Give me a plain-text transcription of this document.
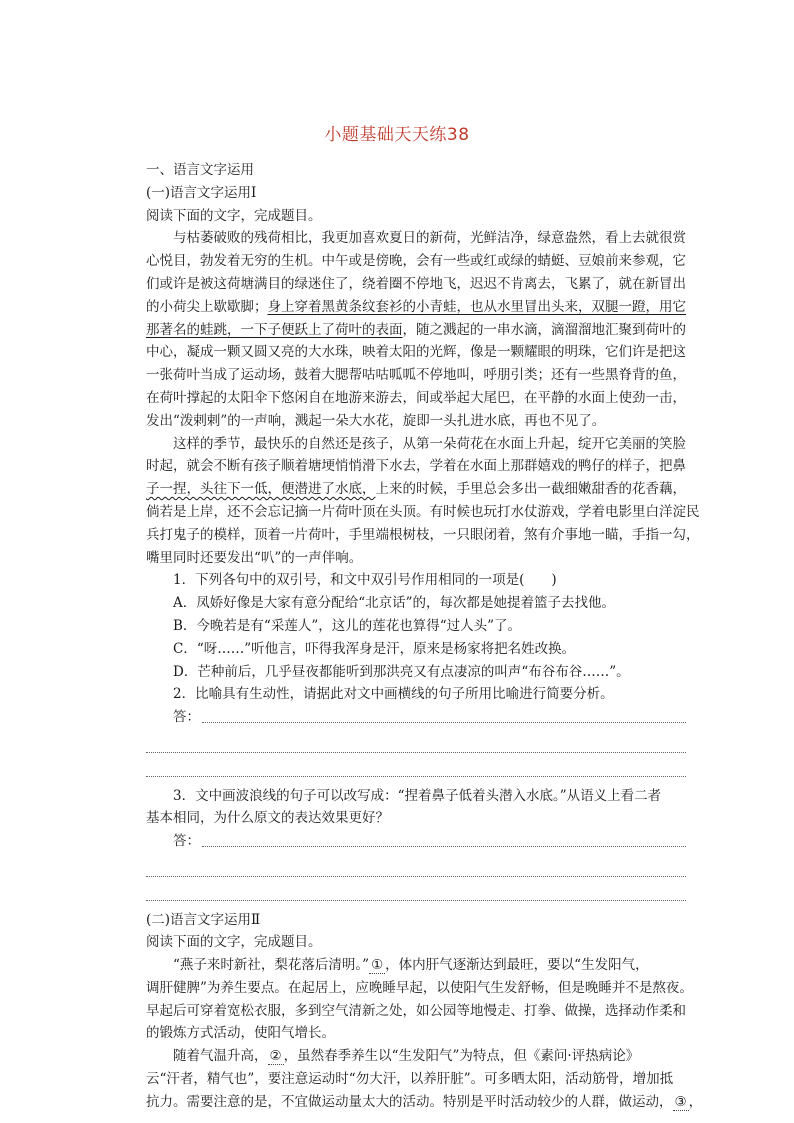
小题基础天天练38
一、语言文字运用
(一)语言文字运用Ⅰ
阅读下面的文字，完成题目。
与枯萎破败的残荷相比，我更加喜欢夏日的新荷，光鲜洁净，绿意盎然，看上去就很赏
心悦目，勃发着无穷的生机。中午或是傍晚，会有一些或红或绿的蜻蜓、豆娘前来参观，它
们或许是被这荷塘满目的绿迷住了，绕着圈不停地飞，迟迟不肯离去，飞累了，就在新冒出
的小荷尖上歇歇脚；身上穿着黑黄条纹套衫的小青蛙，也从水里冒出头来，双腿一蹬，用它
那著名的蛙跳，一下子便跃上了荷叶的表面，随之溅起的一串水滴，滴溜溜地汇聚到荷叶的
中心，凝成一颗又圆又亮的大水珠，映着太阳的光辉，像是一颗耀眼的明珠，它们许是把这
一张荷叶当成了运动场，鼓着大腮帮咕咕呱呱不停地叫，呼朋引类；还有一些黑脊背的鱼，
在荷叶撑起的太阳伞下悠闲自在地游来游去，间或举起大尾巴，在平静的水面上使劲一击，
发出“泼剌剌”的一声响，溅起一朵大水花，旋即一头扎进水底，再也不见了。
这样的季节，最快乐的自然还是孩子，从第一朵荷花在水面上升起，绽开它美丽的笑脸
时起，就会不断有孩子顺着塘埂悄悄滑下水去，学着在水面上那群嬉戏的鸭仔的样子，把鼻
子一捏，头往下一低，便潜进了水底，上来的时候，手里总会多出一截细嫩甜香的花香藕，
倘若是上岸，还不会忘记摘一片荷叶顶在头顶。有时候也玩打水仗游戏，学着电影里白洋淀民
兵打鬼子的模样，顶着一片荷叶，手里端根树枝，一只眼闭着，煞有介事地一瞄，手指一勾，
嘴里同时还要发出“叭”的一声伴响。
1．下列各句中的双引号，和文中双引号作用相同的一项是(　　)
A．凤娇好像是大家有意分配给“北京话”的，每次都是她提着篮子去找他。
B．今晚若是有“采莲人”，这儿的莲花也算得“过人头”了。
C．“呀……”听他言，吓得我浑身是汗，原来是杨家将把名姓改换。
D．芒种前后，几乎昼夜都能听到那洪亮又有点凄凉的叫声“布谷布谷……”。
2．比喻具有生动性，请据此对文中画横线的句子所用比喻进行简要分析。
答：
3．文中画波浪线的句子可以改写成：“捏着鼻子低着头潜入水底。”从语义上看二者
基本相同，为什么原文的表达效果更好？
答：
(二)语言文字运用Ⅱ
阅读下面的文字，完成题目。
“燕子来时新社，梨花落后清明。” ① ，体内肝气逐渐达到最旺，要以“生发阳气，
调肝健脾”为养生要点。在起居上，应晚睡早起，以使阳气生发舒畅，但是晚睡并不是熬夜。
早起后可穿着宽松衣服，多到空气清新之处，如公园等地慢走、打拳、做操，选择动作柔和
的锻炼方式活动，使阳气增长。
随着气温升高， ② ，虽然春季养生以“生发阳气”为特点，但《素问·评热病论》
云“汗者，精气也”，要注意运动时“勿大汗，以养肝脏”。可多晒太阳，活动筋骨，增加抵
抗力。需要注意的是，不宜做运动量太大的活动。特别是平时活动较少的人群，做运动， ③ ，
